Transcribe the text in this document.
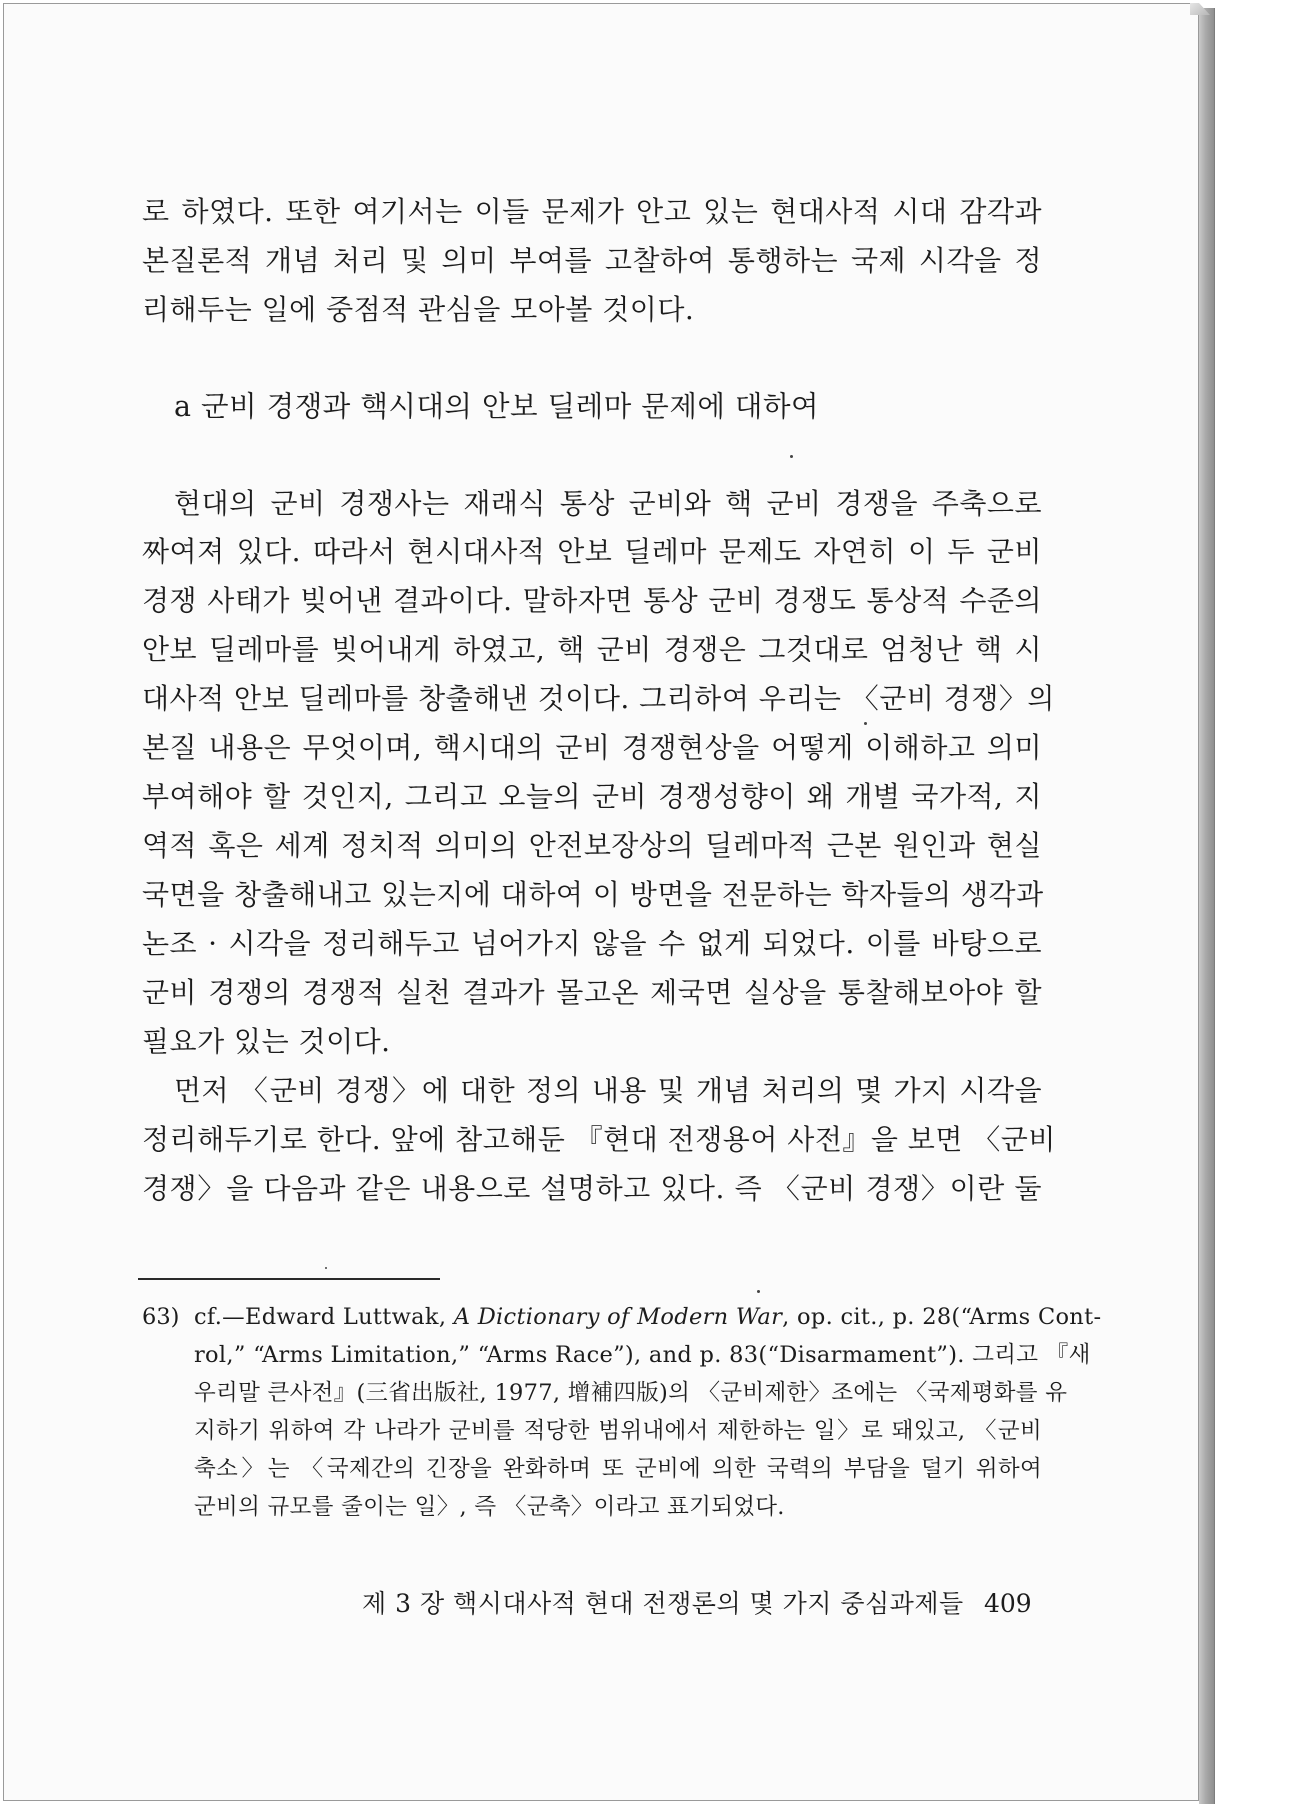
로 하였다. 또한 여기서는 이들 문제가 안고 있는 현대사적 시대 감각과

본질론적 개념 처리 및 의미 부여를 고찰하여 통행하는 국제 시각을 정

리해두는 일에 중점적 관심을 모아볼 것이다.

a 군비 경쟁과 핵시대의 안보 딜레마 문제에 대하여

현대의 군비 경쟁사는 재래식 통상 군비와 핵 군비 경쟁을 주축으로

짜여져 있다. 따라서 현시대사적 안보 딜레마 문제도 자연히 이 두 군비

경쟁 사태가 빚어낸 결과이다. 말하자면 통상 군비 경쟁도 통상적 수준의

안보 딜레마를 빚어내게 하였고, 핵 군비 경쟁은 그것대로 엄청난 핵 시

대사적 안보 딜레마를 창출해낸 것이다. 그리하여 우리는 〈군비 경쟁〉의

본질 내용은 무엇이며, 핵시대의 군비 경쟁현상을 어떻게 이해하고 의미

부여해야 할 것인지, 그리고 오늘의 군비 경쟁성향이 왜 개별 국가적, 지

역적 혹은 세계 정치적 의미의 안전보장상의 딜레마적 근본 원인과 현실

국면을 창출해내고 있는지에 대하여 이 방면을 전문하는 학자들의 생각과

논조 · 시각을 정리해두고 넘어가지 않을 수 없게 되었다. 이를 바탕으로

군비 경쟁의 경쟁적 실천 결과가 몰고온 제국면 실상을 통찰해보아야 할

필요가 있는 것이다.

먼저 〈군비 경쟁〉에 대한 정의 내용 및 개념 처리의 몇 가지 시각을

정리해두기로 한다. 앞에 참고해둔 『현대 전쟁용어 사전』을 보면 〈군비

경쟁〉을 다음과 같은 내용으로 설명하고 있다. 즉 〈군비 경쟁〉이란 둘

63) cf.—Edward Luttwak, A Dictionary of Modern War, op. cit., p. 28(“Arms Cont-

rol,” “Arms Limitation,” “Arms Race”), and p. 83(“Disarmament”). 그리고 『새

우리말 큰사전』(三省出版社, 1977, 增補四版)의 〈군비제한〉조에는 〈국제평화를 유

지하기 위하여 각 나라가 군비를 적당한 범위내에서 제한하는 일〉로 돼있고, 〈군비

축소〉는 〈국제간의 긴장을 완화하며 또 군비에 의한 국력의 부담을 덜기 위하여

군비의 규모를 줄이는 일〉, 즉 〈군축〉이라고 표기되었다.

제 3 장 핵시대사적 현대 전쟁론의 몇 가지 중심과제들 409
